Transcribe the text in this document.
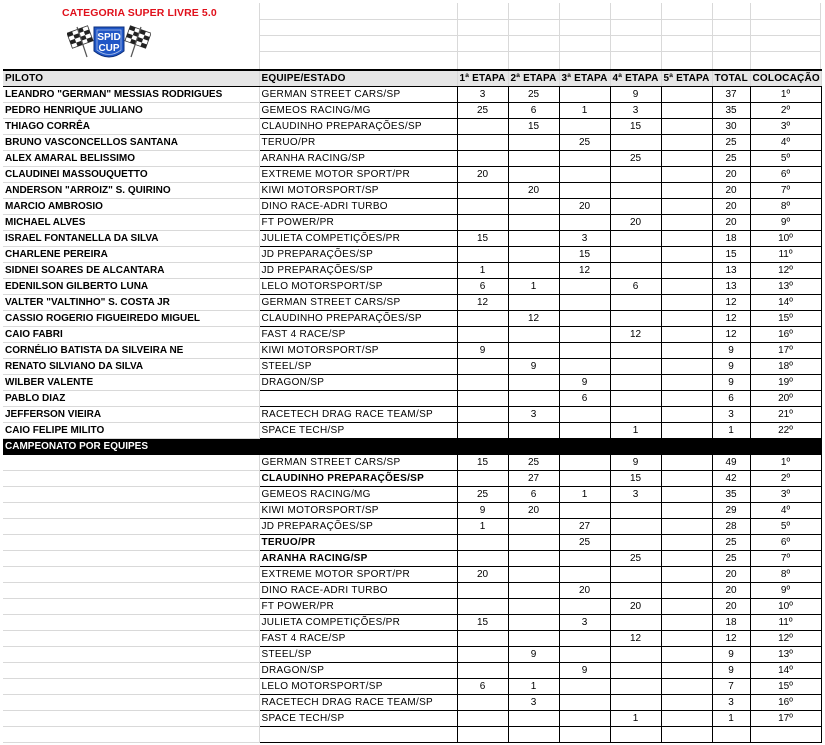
CATEGORIA SUPER LIVRE 5.0
SPID
CUP
PILOTO	EQUIPE/ESTADO	1ª ETAPA	2ª ETAPA	3ª ETAPA	4ª ETAPA	5ª ETAPA	TOTAL	COLOCAÇÃO
LEANDRO "GERMAN" MESSIAS RODRIGUES	GERMAN STREET CARS/SP	3	25		9		37	1º
PEDRO HENRIQUE JULIANO	GEMEOS RACING/MG	25	6	1	3		35	2º
THIAGO CORRÊA	CLAUDINHO PREPARAÇÕES/SP		15		15		30	3º
BRUNO VASCONCELLOS SANTANA	TERUO/PR			25			25	4º
ALEX AMARAL BELISSIMO	ARANHA RACING/SP				25		25	5º
CLAUDINEI MASSOUQUETTO	EXTREME MOTOR SPORT/PR	20					20	6º
ANDERSON "ARROIZ" S. QUIRINO	KIWI MOTORSPORT/SP		20				20	7º
MARCIO AMBROSIO	DINO RACE-ADRI TURBO			20			20	8º
MICHAEL ALVES	FT POWER/PR				20		20	9º
ISRAEL FONTANELLA DA SILVA	JULIETA COMPETIÇÕES/PR	15		3			18	10º
CHARLENE PEREIRA	JD PREPARAÇÕES/SP			15			15	11º
SIDNEI SOARES DE ALCANTARA	JD PREPARAÇÕES/SP	1		12			13	12º
EDENILSON GILBERTO LUNA	LELO MOTORSPORT/SP	6	1		6		13	13º
VALTER "VALTINHO" S. COSTA JR	GERMAN STREET CARS/SP	12					12	14º
CASSIO ROGERIO FIGUEIREDO MIGUEL	CLAUDINHO PREPARAÇÕES/SP		12				12	15º
CAIO FABRI	FAST 4 RACE/SP				12		12	16º
CORNÉLIO BATISTA DA SILVEIRA NE	KIWI MOTORSPORT/SP	9					9	17º
RENATO SILVIANO DA SILVA	STEEL/SP		9				9	18º
WILBER VALENTE	DRAGON/SP			9			9	19º
PABLO DIAZ				6			6	20º
JEFFERSON VIEIRA	RACETECH DRAG RACE TEAM/SP		3				3	21º
CAIO FELIPE MILITO	SPACE TECH/SP				1		1	22º
CAMPEONATO POR EQUIPES								
	GERMAN STREET CARS/SP	15	25		9		49	1º
	CLAUDINHO PREPARAÇÕES/SP		27		15		42	2º
	GEMEOS RACING/MG	25	6	1	3		35	3º
	KIWI MOTORSPORT/SP	9	20				29	4º
	JD PREPARAÇÕES/SP	1		27			28	5º
	TERUO/PR			25			25	6º
	ARANHA RACING/SP				25		25	7º
	EXTREME MOTOR SPORT/PR	20					20	8º
	DINO RACE-ADRI TURBO			20			20	9º
	FT POWER/PR				20		20	10º
	JULIETA COMPETIÇÕES/PR	15		3			18	11º
	FAST 4 RACE/SP				12		12	12º
	STEEL/SP		9				9	13º
	DRAGON/SP			9			9	14º
	LELO MOTORSPORT/SP	6	1				7	15º
	RACETECH DRAG RACE TEAM/SP		3				3	16º
	SPACE TECH/SP				1		1	17º
